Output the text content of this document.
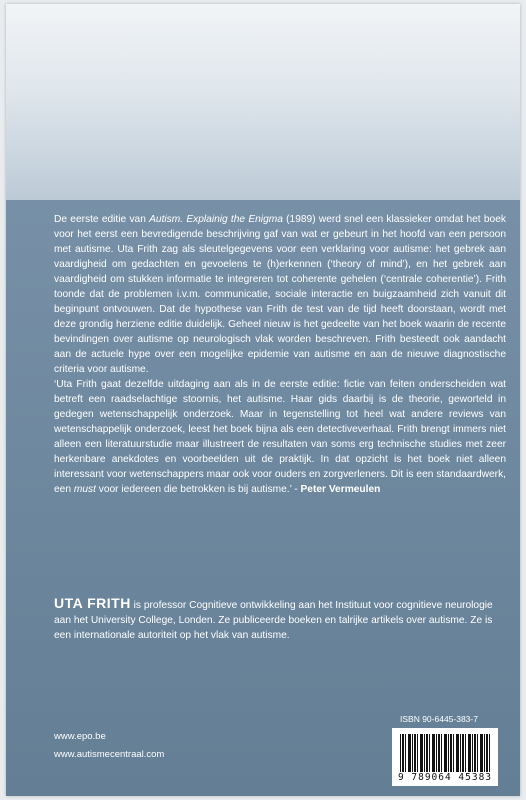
De eerste editie van Autism. Explainig the Enigma (1989) werd snel een klassieker omdat het boek voor het eerst een bevredigende beschrijving gaf van wat er gebeurt in het hoofd van een persoon met autisme. Uta Frith zag als sleutelgegevens voor een verklaring voor autisme: het gebrek aan vaardigheid om gedachten en gevoelens te (h)erkennen (‘theory of mind’), en het gebrek aan vaardigheid om stukken informatie te integreren tot coherente gehelen (‘centrale coherentie’). Frith toonde dat de problemen i.v.m. communicatie, sociale interactie en buigzaamheid zich vanuit dit beginpunt ontvouwen. Dat de hypothese van Frith de test van de tijd heeft doorstaan, wordt met deze grondig herziene editie duidelijk. Geheel nieuw is het gedeelte van het boek waarin de recente bevindingen over autisme op neurologisch vlak worden beschreven. Frith besteedt ook aandacht aan de actuele hype over een mogelijke epidemie van autisme en aan de nieuwe diagnostische criteria voor autisme.

‘Uta Frith gaat dezelfde uitdaging aan als in de eerste editie: fictie van feiten onderscheiden wat betreft een raadselachtige stoornis, het autisme. Haar gids daarbij is de theorie, geworteld in gedegen wetenschappelijk onderzoek. Maar in tegenstelling tot heel wat andere reviews van wetenschappelijk onderzoek, leest het boek bijna als een detectiveverhaal. Frith brengt immers niet alleen een literatuurstudie maar illustreert de resultaten van soms erg technische studies met zeer herkenbare anekdotes en voorbeelden uit de praktijk. In dat opzicht is het boek niet alleen interessant voor wetenschappers maar ook voor ouders en zorgverleners. Dit is een standaardwerk, een must voor iedereen die betrokken is bij autisme.’ - Peter Vermeulen

UTA FRITH is professor Cognitieve ontwikkeling aan het Instituut voor cognitieve neurologie aan het University College, Londen. Ze publiceerde boeken en talrijke artikels over autisme. Ze is een internationale autoriteit op het vlak van autisme.
ISBN 90-6445-383-7
www.epo.be
www.autismecentraal.com
9 789064 45383
